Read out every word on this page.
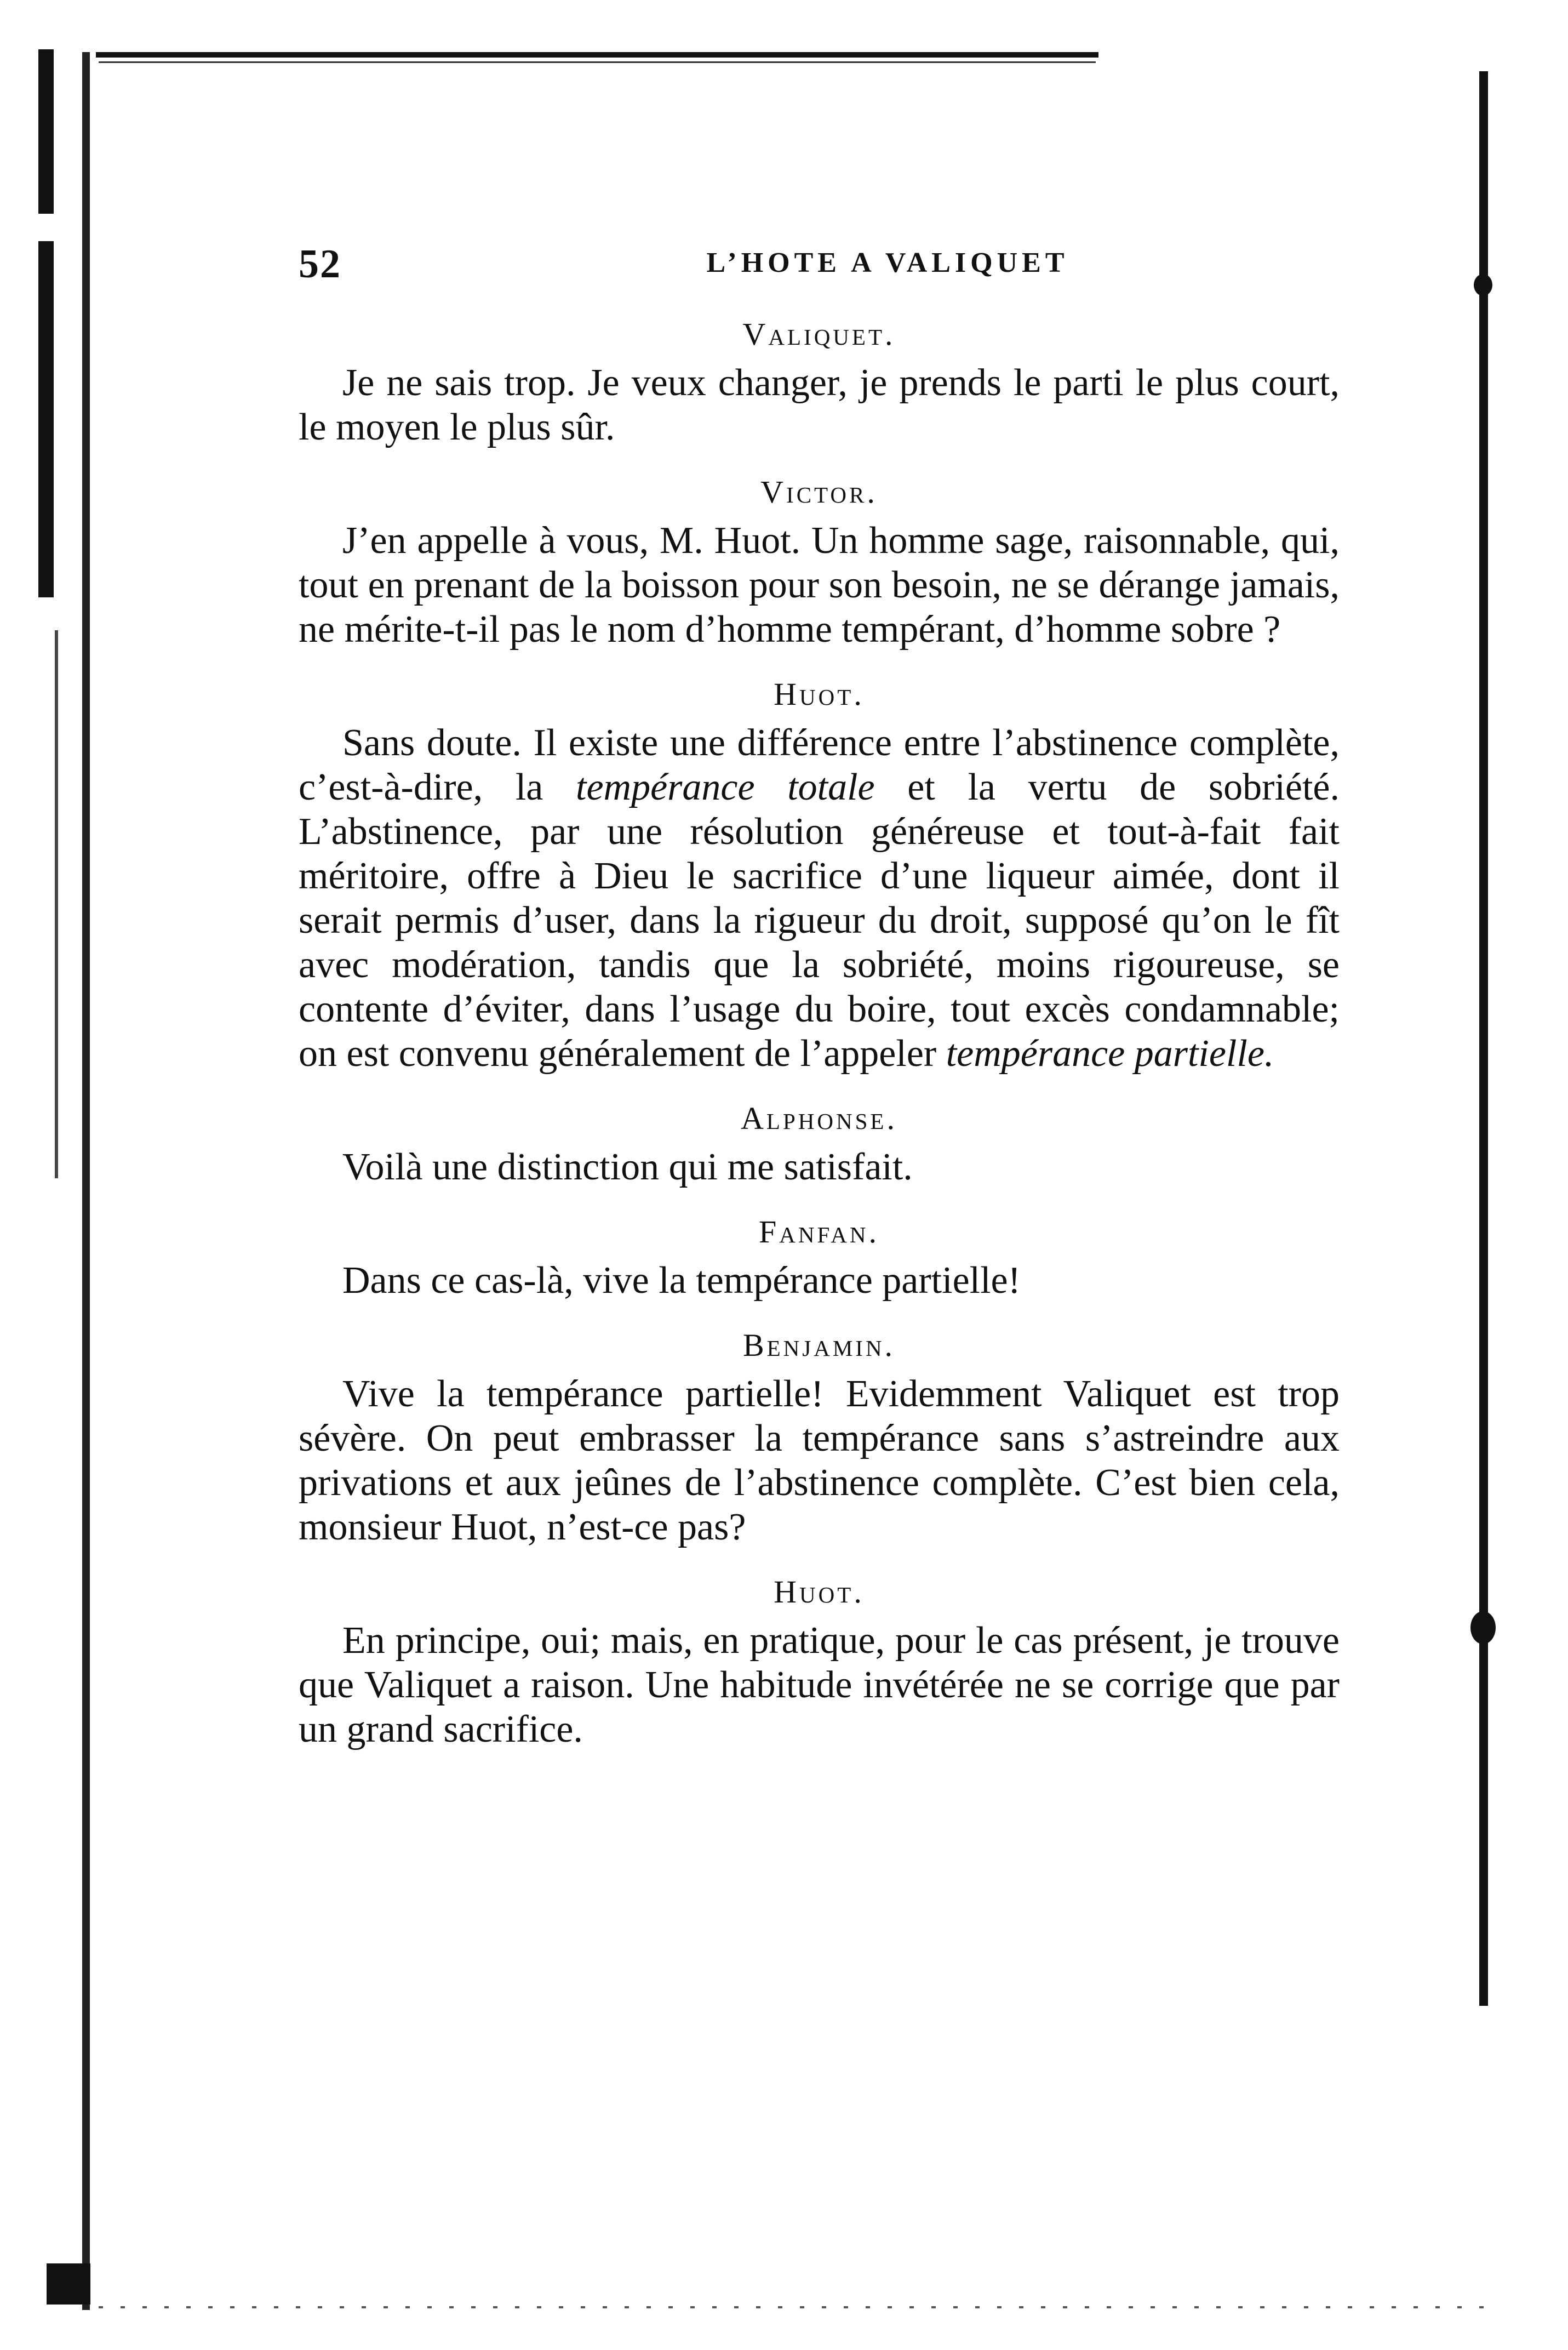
52	L’HOTE A VALIQUET

Valiquet.

Je ne sais trop. Je veux changer, je prends le parti le plus court, le moyen le plus sûr.

Victor.

J’en appelle à vous, M. Huot. Un homme sage, raisonnable, qui, tout en prenant de la boisson pour son besoin, ne se dérange jamais, ne mérite-t-il pas le nom d’homme tempérant, d’homme sobre ?

Huot.

Sans doute. Il existe une différence entre l’abstinence complète, c’est-à-dire, la tempérance totale et la vertu de sobriété. L’abstinence, par une résolution généreuse et tout-à-fait fait méritoire, offre à Dieu le sacrifice d’une liqueur aimée, dont il serait permis d’user, dans la rigueur du droit, supposé qu’on le fît avec modération, tandis que la sobriété, moins rigoureuse, se contente d’éviter, dans l’usage du boire, tout excès condamnable; on est convenu généralement de l’appeler tempérance partielle.

Alphonse.

Voilà une distinction qui me satisfait.

Fanfan.

Dans ce cas-là, vive la tempérance partielle!

Benjamin.

Vive la tempérance partielle! Evidemment Valiquet est trop sévère. On peut embrasser la tempérance sans s’astreindre aux privations et aux jeûnes de l’abstinence complète. C’est bien cela, monsieur Huot, n’est-ce pas?

Huot.

En principe, oui; mais, en pratique, pour le cas présent, je trouve que Valiquet a raison. Une habitude invétérée ne se corrige que par un grand sacrifice.
